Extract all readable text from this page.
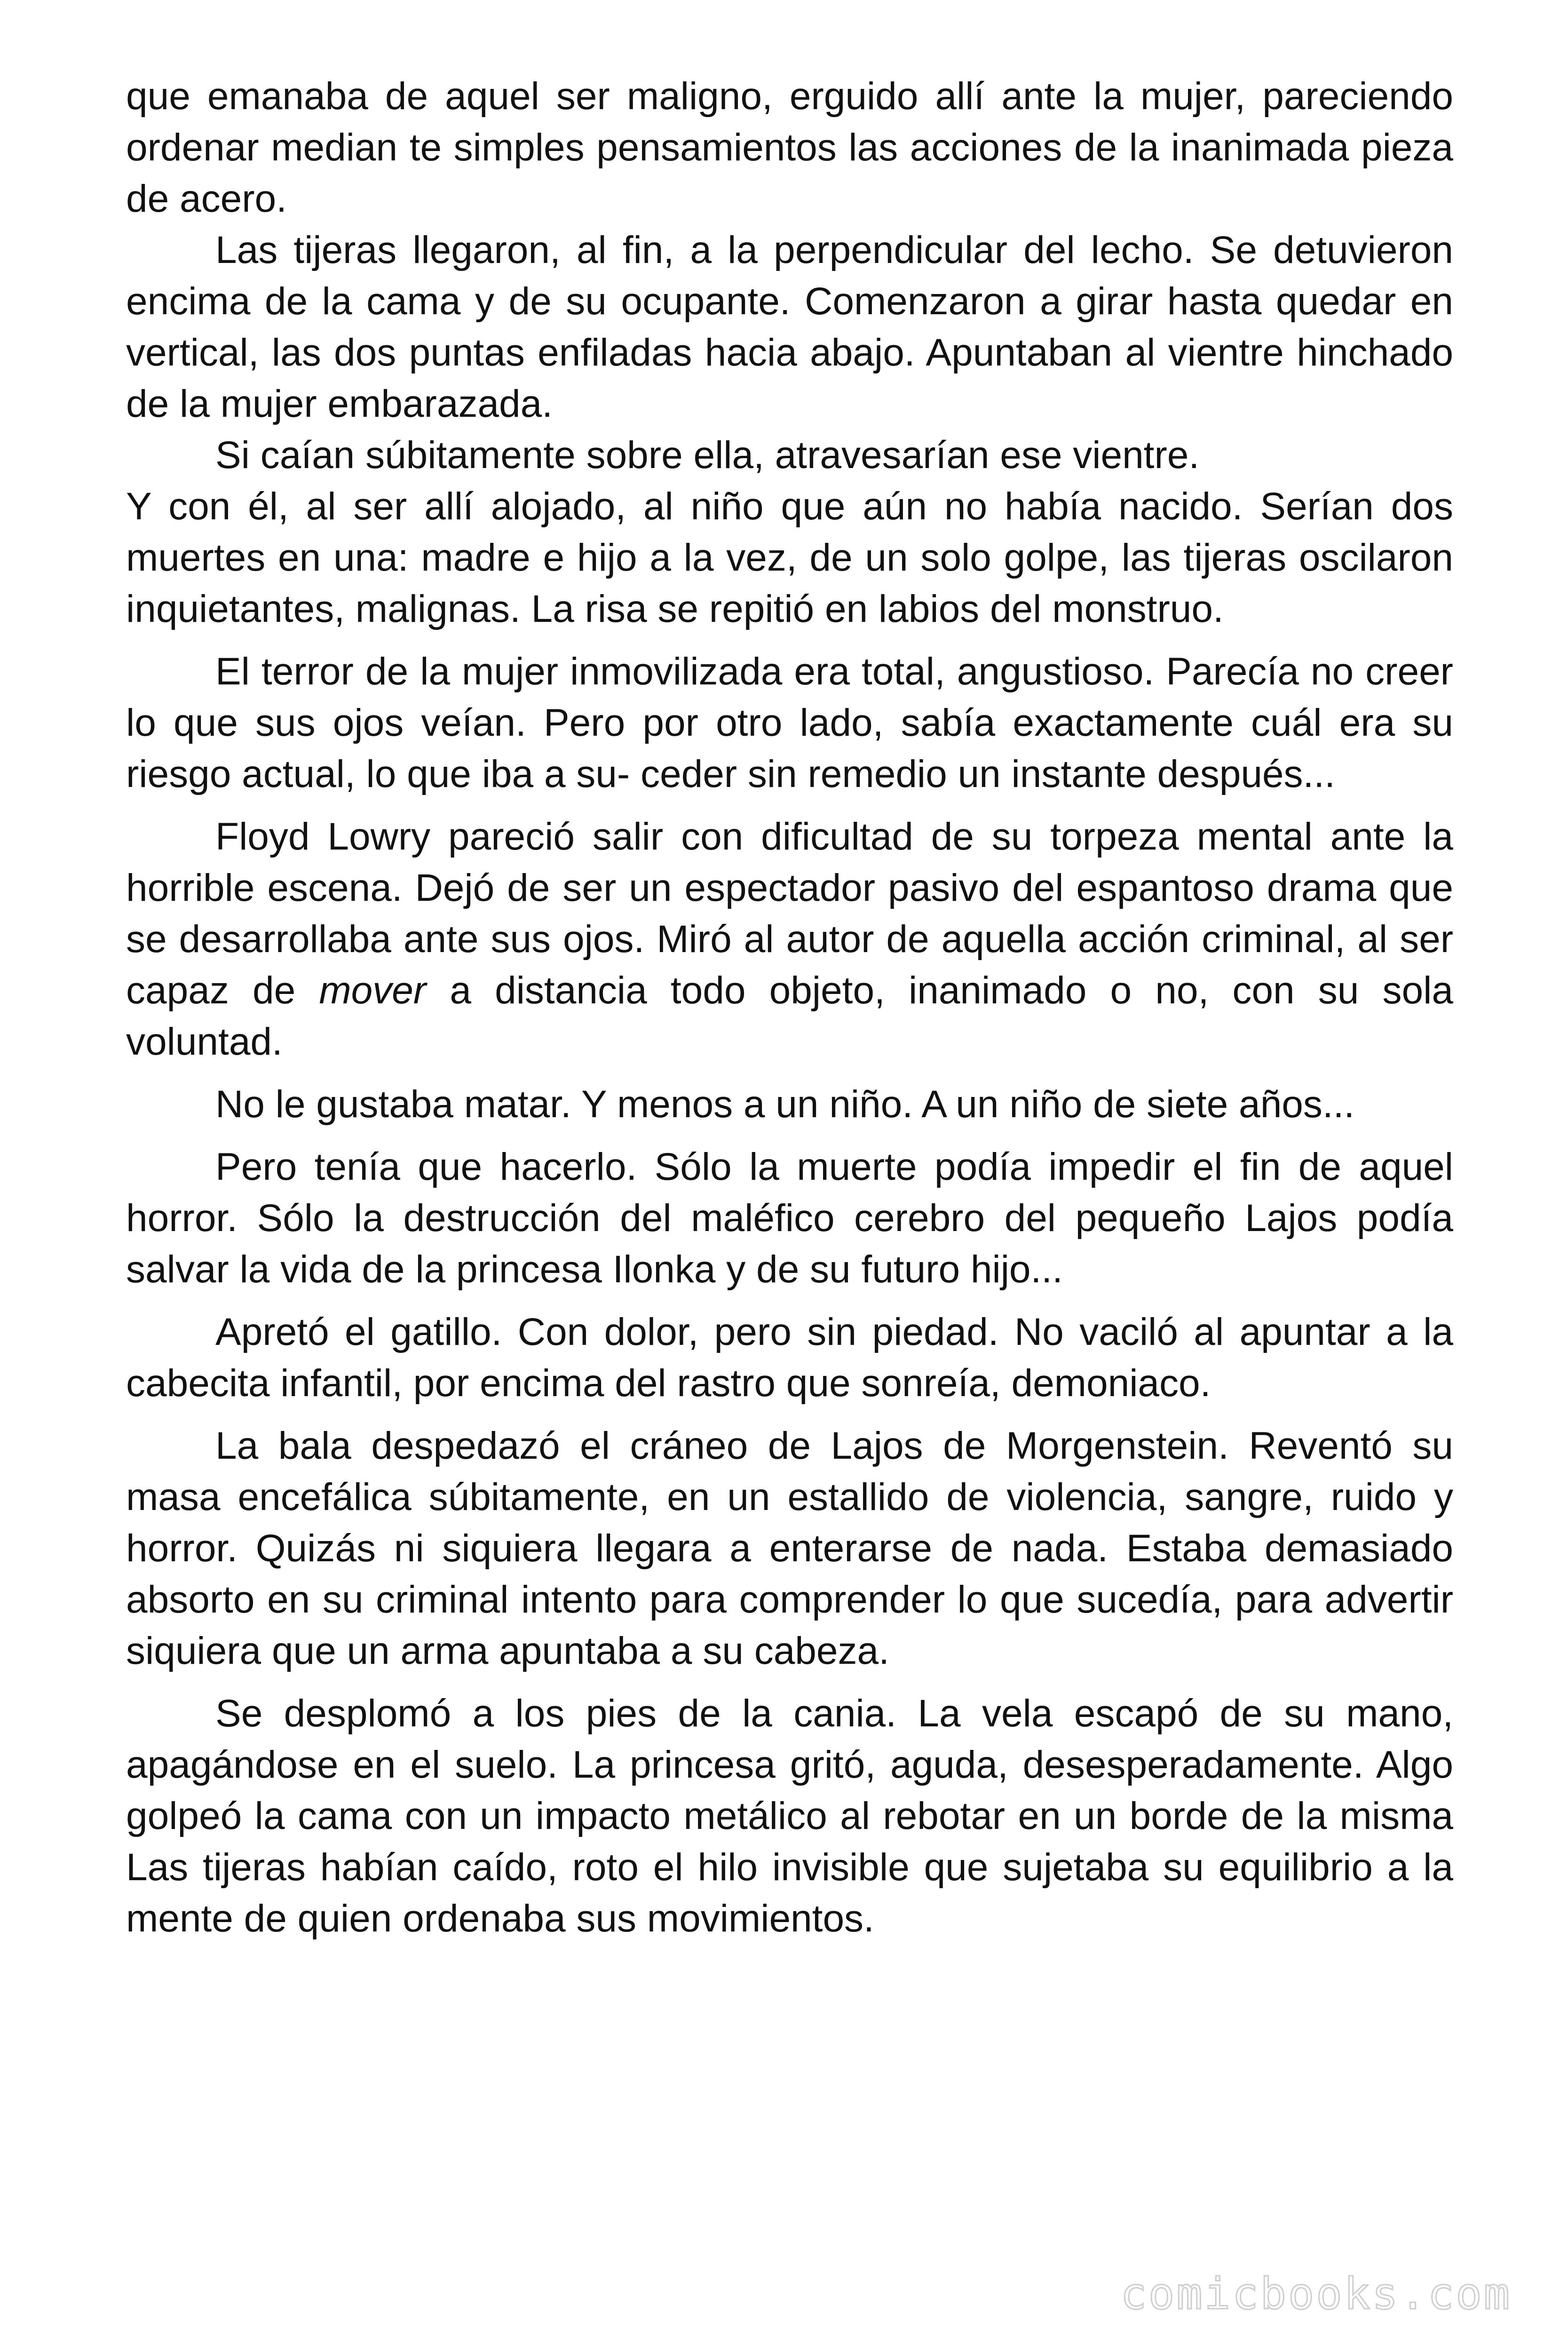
que emanaba de aquel ser maligno, erguido allí ante la mujer, pareciendo ordenar median te simples pensamientos las acciones de la inanimada pieza de acero.

Las tijeras llegaron, al fin, a la perpendicular del lecho. Se detuvieron encima de la cama y de su ocupante. Comenzaron a girar hasta quedar en vertical, las dos puntas enfiladas hacia abajo. Apuntaban al vientre hinchado de la mujer embarazada.

Si caían súbitamente sobre ella, atravesarían ese vientre.

Y con él, al ser allí alojado, al niño que aún no había nacido. Serían dos muertes en una: madre e hijo a la vez, de un solo golpe, las tijeras oscilaron inquietantes, malignas. La risa se repitió en labios del monstruo.

El terror de la mujer inmovilizada era total, angustioso. Parecía no creer lo que sus ojos veían. Pero por otro lado, sabía exactamente cuál era su riesgo actual, lo que iba a su- ceder sin remedio un instante después...

Floyd Lowry pareció salir con dificultad de su torpeza mental ante la horrible escena. Dejó de ser un espectador pasivo del espantoso drama que se desarrollaba ante sus ojos. Miró al autor de aquella acción criminal, al ser capaz de mover a distancia todo objeto, inanimado o no, con su sola voluntad.

No le gustaba matar. Y menos a un niño. A un niño de siete años...

Pero tenía que hacerlo. Sólo la muerte podía impedir el fin de aquel horror. Sólo la destrucción del maléfico cerebro del pequeño Lajos podía salvar la vida de la princesa Ilonka y de su futuro hijo...

Apretó el gatillo. Con dolor, pero sin piedad. No vaciló al apuntar a la cabecita infantil, por encima del rastro que sonreía, demoniaco.

La bala despedazó el cráneo de Lajos de Morgenstein. Reventó su masa encefálica súbitamente, en un estallido de violencia, sangre, ruido y horror. Quizás ni siquiera llegara a enterarse de nada. Estaba demasiado absorto en su criminal intento para comprender lo que sucedía, para advertir siquiera que un arma apuntaba a su cabeza.

Se desplomó a los pies de la cania. La vela escapó de su mano, apagándose en el suelo. La princesa gritó, aguda, desesperadamente. Algo golpeó la cama con un impacto metálico al rebotar en un borde de la misma Las tijeras habían caído, roto el hilo invisible que sujetaba su equilibrio a la mente de quien ordenaba sus movimientos.

comicbooks.com
